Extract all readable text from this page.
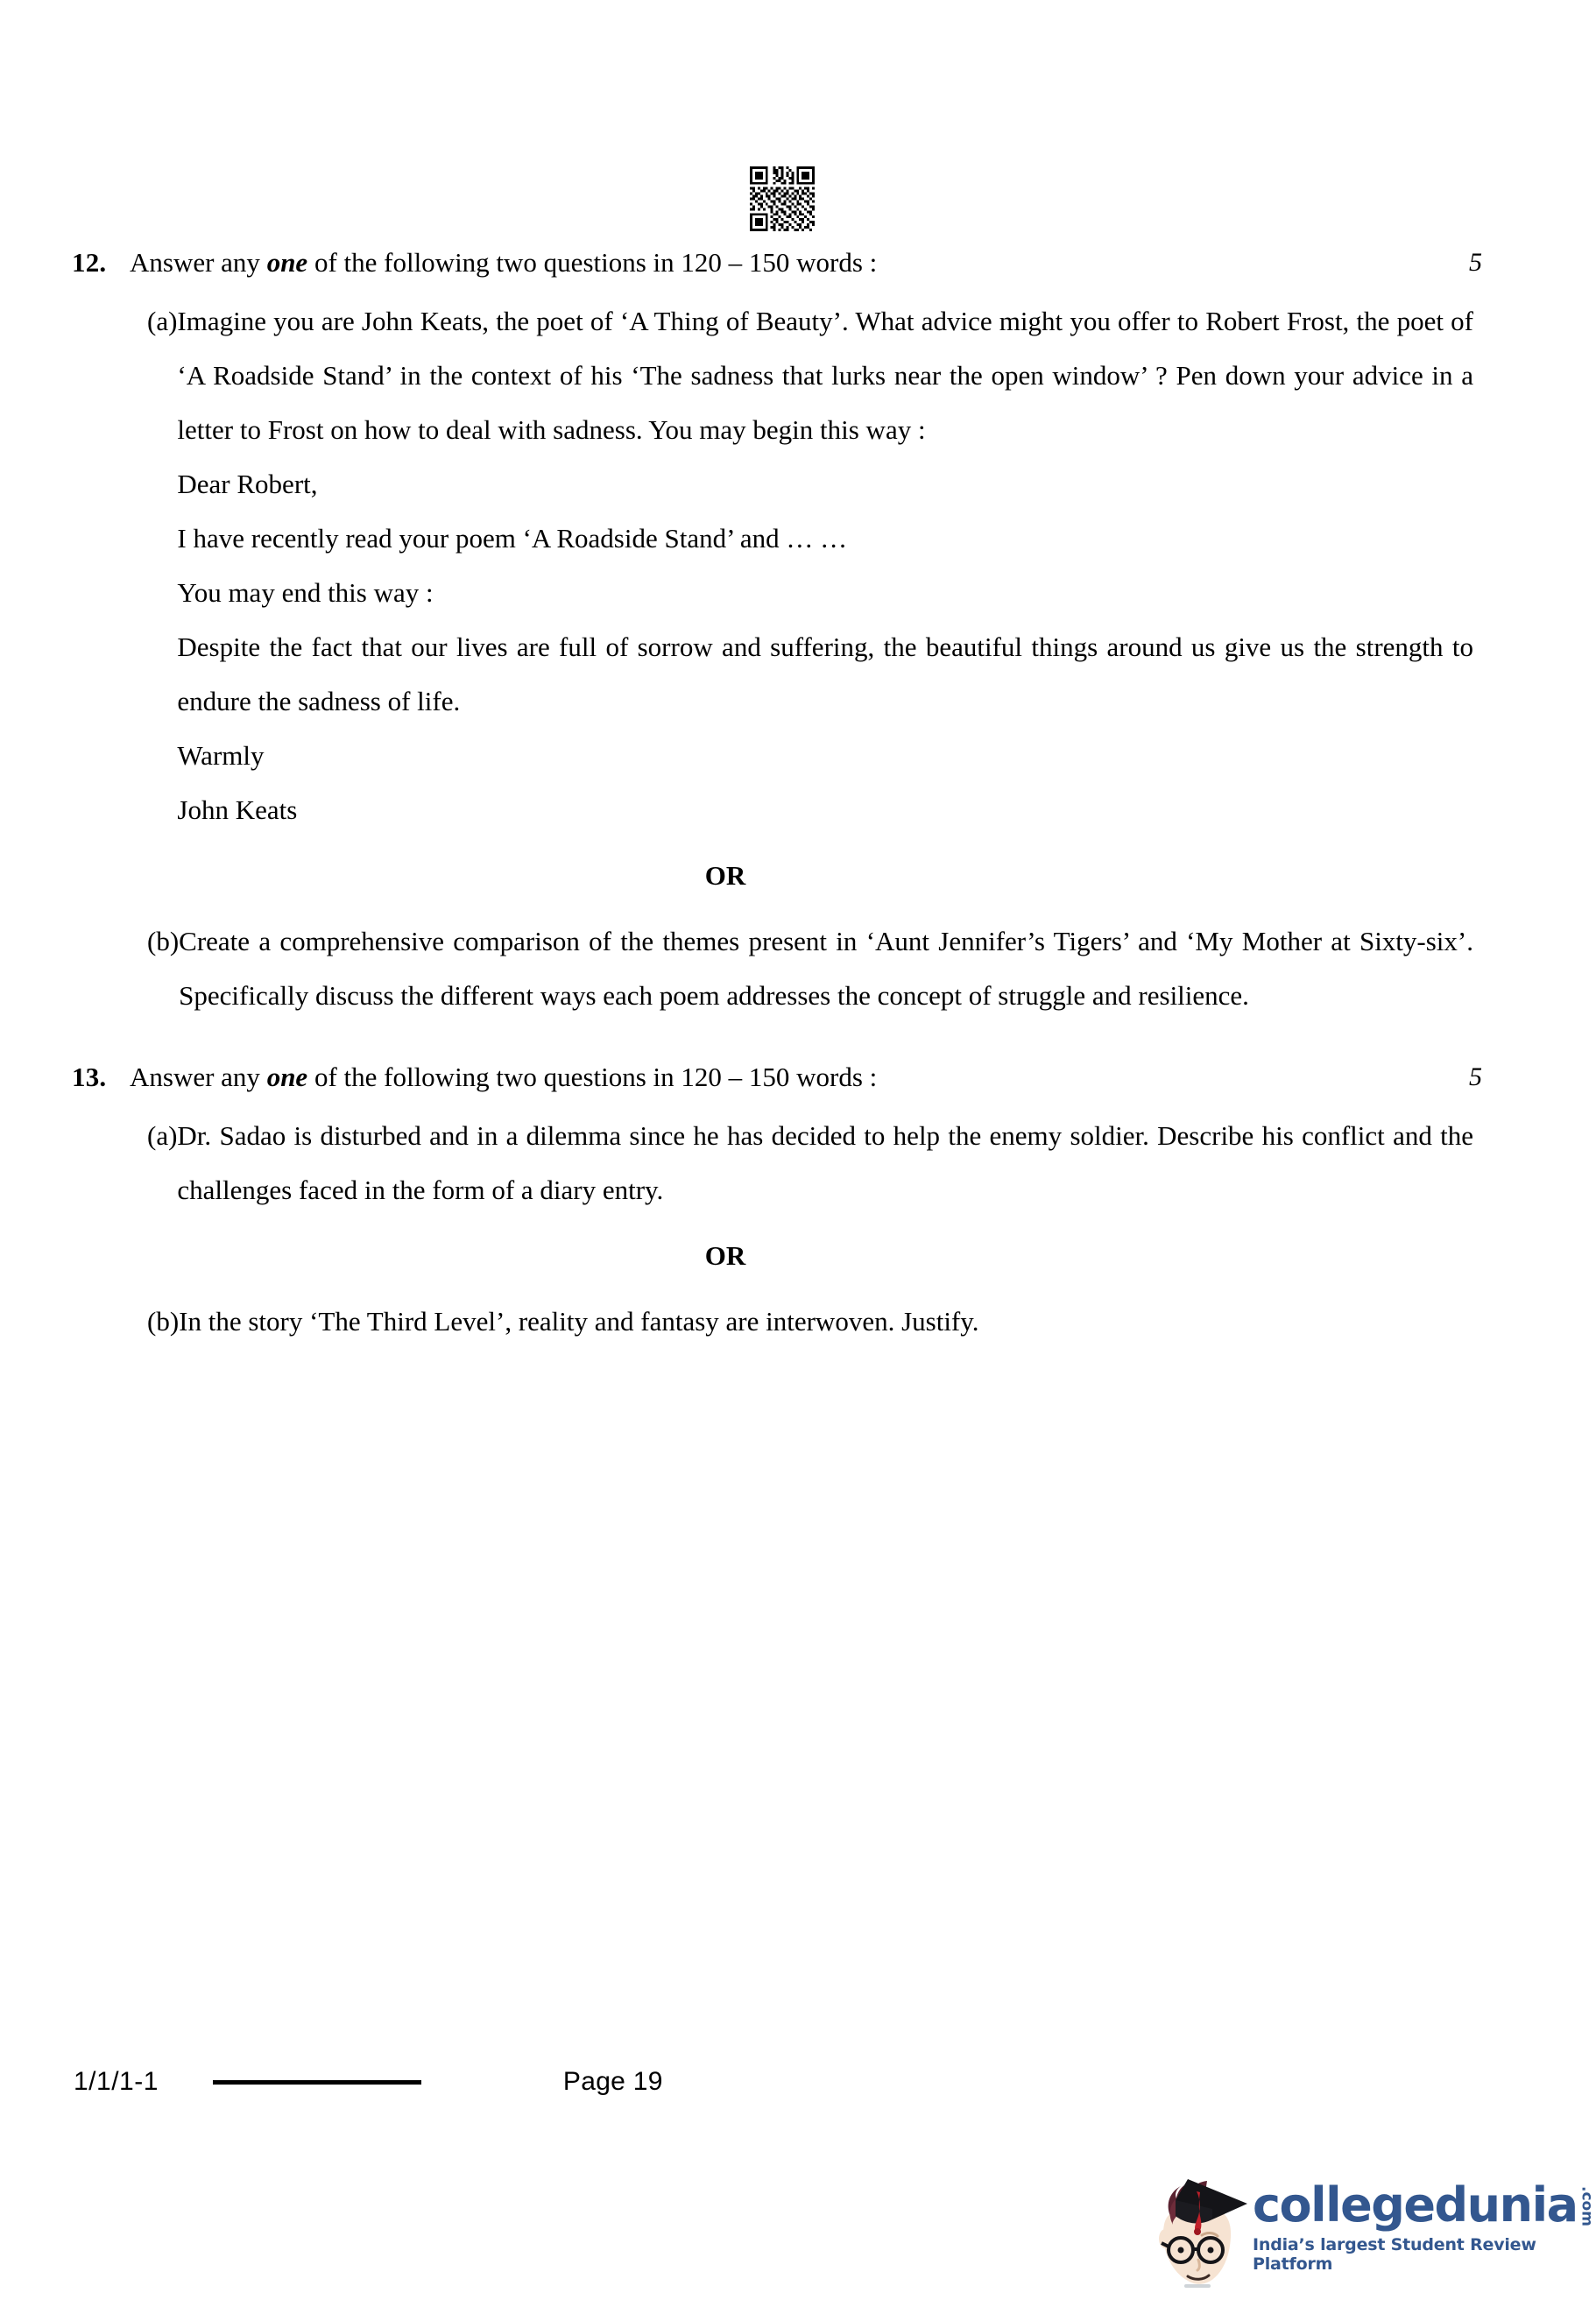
12. Answer any one of the following two questions in 120 – 150 words :	5
(a) Imagine you are John Keats, the poet of ‘A Thing of Beauty’. What advice might you offer to Robert Frost, the poet of ‘A Roadside Stand’ in the context of his ‘The sadness that lurks near the open window’ ? Pen down your advice in a letter to Frost on how to deal with sadness. You may begin this way :

Dear Robert,

I have recently read your poem ‘A Roadside Stand’ and … …

You may end this way :

Despite the fact that our lives are full of sorrow and suffering, the beautiful things around us give us the strength to endure the sadness of life.

Warmly

John Keats

OR
(b) Create a comprehensive comparison of the themes present in ‘Aunt Jennifer’s Tigers’ and ‘My Mother at Sixty-six’. Specifically discuss the different ways each poem addresses the concept of struggle and resilience.

13. Answer any one of the following two questions in 120 – 150 words :	5
(a) Dr. Sadao is disturbed and in a dilemma since he has decided to help the enemy soldier. Describe his conflict and the challenges faced in the form of a diary entry.

OR
(b) In the story ‘The Third Level’, reality and fantasy are interwoven. Justify.

1/1/1-1	Page 19
collegedunia .com
India’s largest Student Review Platform
